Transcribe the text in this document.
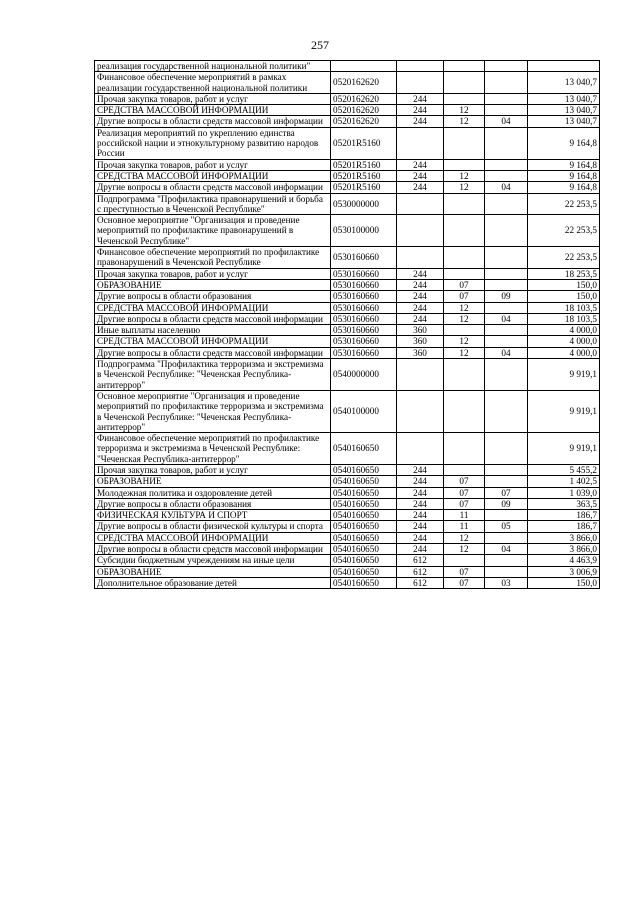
257
реализация государственной национальной политики"					
Финансовое обеспечение мероприятий в рамках реализации государственной национальной политики	0520162620				13 040,7
Прочая закупка товаров, работ и услуг	0520162620	244			13 040,7
СРЕДСТВА МАССОВОЙ ИНФОРМАЦИИ	0520162620	244	12		13 040,7
Другие вопросы в области средств массовой информации	0520162620	244	12	04	13 040,7
Реализация мероприятий по укреплению единства российской нации и этнокультурному развитию народов России	05201R5160				9 164,8
Прочая закупка товаров, работ и услуг	05201R5160	244			9 164,8
СРЕДСТВА МАССОВОЙ ИНФОРМАЦИИ	05201R5160	244	12		9 164,8
Другие вопросы в области средств массовой информации	05201R5160	244	12	04	9 164,8
Подпрограмма "Профилактика правонарушений и борьба с преступностью в Чеченской Республике"	0530000000				22 253,5
Основное мероприятие "Организация и проведение мероприятий по профилактике правонарушений в Чеченской Республике"	0530100000				22 253,5
Финансовое обеспечение мероприятий по профилактике правонарушений в Чеченской Республике	0530160660				22 253,5
Прочая закупка товаров, работ и услуг	0530160660	244			18 253,5
ОБРАЗОВАНИЕ	0530160660	244	07		150,0
Другие вопросы в области образования	0530160660	244	07	09	150,0
СРЕДСТВА МАССОВОЙ ИНФОРМАЦИИ	0530160660	244	12		18 103,5
Другие вопросы в области средств массовой информации	0530160660	244	12	04	18 103,5
Иные выплаты населению	0530160660	360			4 000,0
СРЕДСТВА МАССОВОЙ ИНФОРМАЦИИ	0530160660	360	12		4 000,0
Другие вопросы в области средств массовой информации	0530160660	360	12	04	4 000,0
Подпрограмма "Профилактика терроризма и экстремизма в Чеченской Республике: "Чеченская Республика-антитеррор"	0540000000				9 919,1
Основное мероприятие "Организация и проведение мероприятий по профилактике терроризма и экстремизма в Чеченской Республике: "Чеченская Республика-антитеррор"	0540100000				9 919,1
Финансовое обеспечение мероприятий по профилактике терроризма и экстремизма в Чеченской Республике: "Чеченская Республика-антитеррор"	0540160650				9 919,1
Прочая закупка товаров, работ и услуг	0540160650	244			5 455,2
ОБРАЗОВАНИЕ	0540160650	244	07		1 402,5
Молодежная политика и оздоровление детей	0540160650	244	07	07	1 039,0
Другие вопросы в области образования	0540160650	244	07	09	363,5
ФИЗИЧЕСКАЯ КУЛЬТУРА И СПОРТ	0540160650	244	11		186,7
Другие вопросы в области физической культуры и спорта	0540160650	244	11	05	186,7
СРЕДСТВА МАССОВОЙ ИНФОРМАЦИИ	0540160650	244	12		3 866,0
Другие вопросы в области средств массовой информации	0540160650	244	12	04	3 866,0
Субсидии бюджетным учреждениям на иные цели	0540160650	612			4 463,9
ОБРАЗОВАНИЕ	0540160650	612	07		3 006,9
Дополнительное образование детей	0540160650	612	07	03	150,0
